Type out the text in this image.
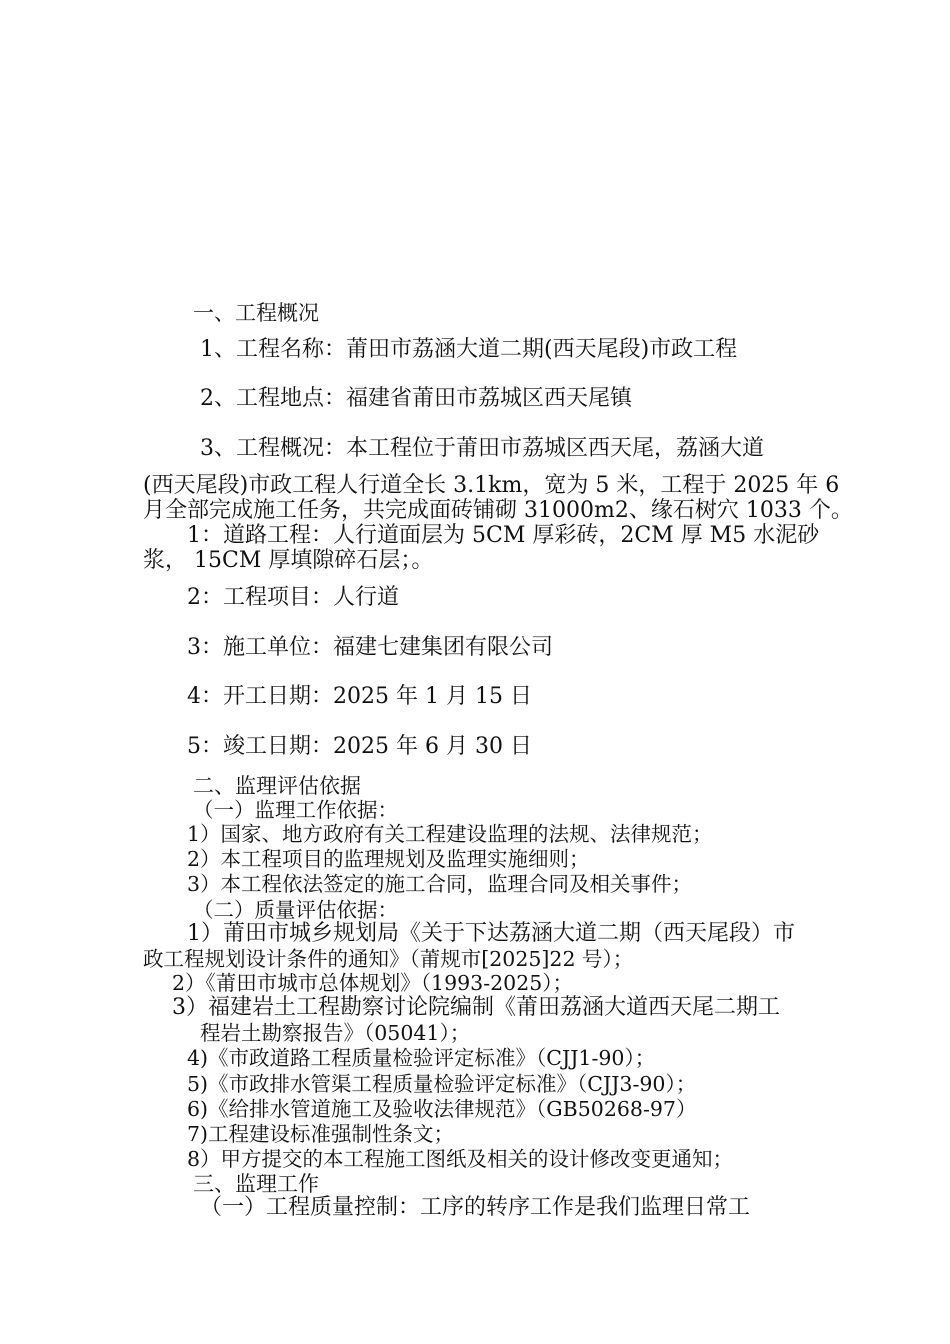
一、工程概况
1、工程名称：莆田市荔涵大道二期(西天尾段)市政工程
2、工程地点：福建省莆田市荔城区西天尾镇
3、工程概况：本工程位于莆田市荔城区西天尾，荔涵大道
(西天尾段)市政工程人行道全长 3.1km，宽为 5 米，工程于 2025 年 6
月全部完成施工任务，共完成面砖铺砌 31000m2、缘石树穴 1033 个。
1：道路工程：人行道面层为 5CM 厚彩砖，2CM 厚 M5 水泥砂
浆， 15CM 厚填隙碎石层；。
2：工程项目：人行道
3：施工单位：福建七建集团有限公司
4：开工日期：2025 年 1 月 15 日
5：竣工日期：2025 年 6 月 30 日
二、监理评估依据
（一）监理工作依据：
1）国家、地方政府有关工程建设监理的法规、法律规范；
2）本工程项目的监理规划及监理实施细则；
3）本工程依法签定的施工合同，监理合同及相关事件；
（二）质量评估依据：
1）莆田市城乡规划局《关于下达荔涵大道二期（西天尾段）市
政工程规划设计条件的通知》（莆规市[2025]22 号）；
2）《莆田市城市总体规划》（1993-2025）；
3）福建岩土工程勘察讨论院编制《莆田荔涵大道西天尾二期工
程岩土勘察报告》（05041）；
4)《市政道路工程质量检验评定标准》（CJJ1-90）；
5)《市政排水管渠工程质量检验评定标准》（CJJ3-90）；
6)《给排水管道施工及验收法律规范》（GB50268-97）
7)工程建设标准强制性条文；
8）甲方提交的本工程施工图纸及相关的设计修改变更通知；
三、监理工作
（一）工程质量控制：工序的转序工作是我们监理日常工
